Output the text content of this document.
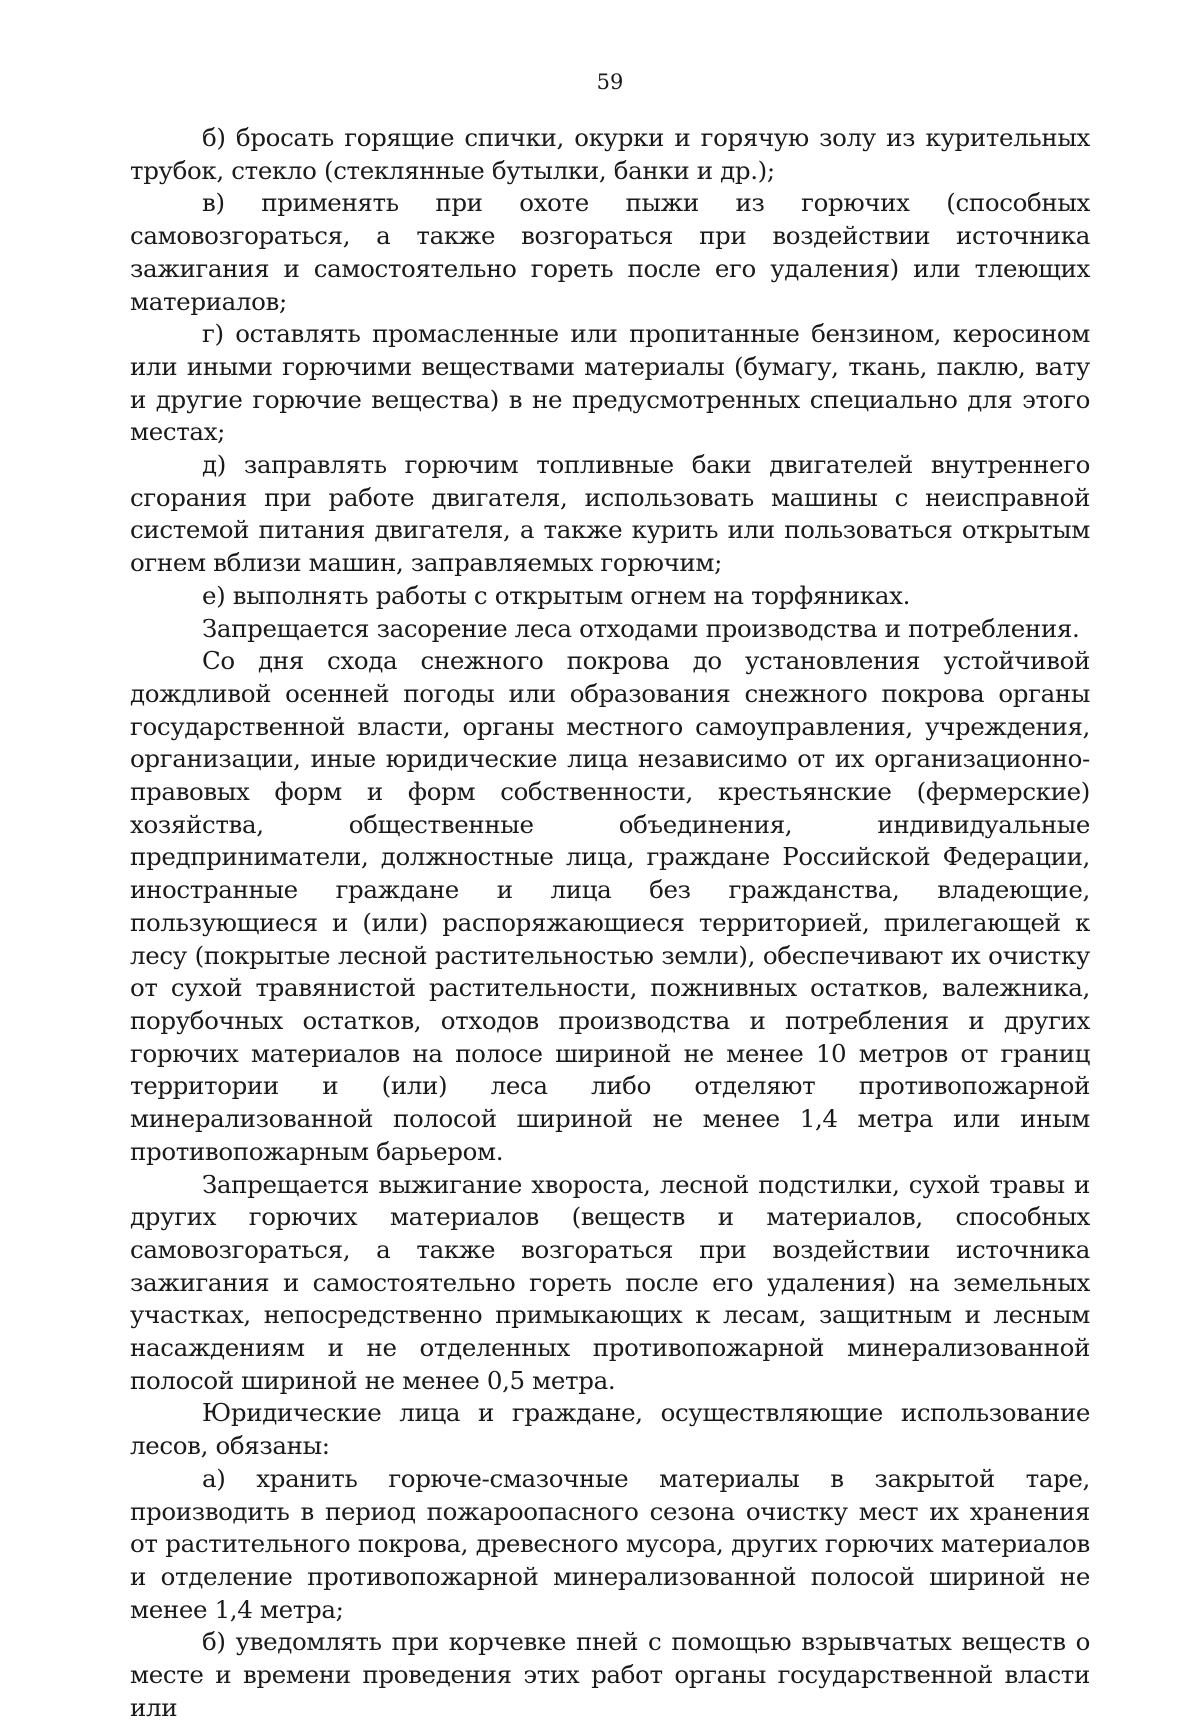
59

б) бросать горящие спички, окурки и горячую золу из курительных трубок, стекло (стеклянные бутылки, банки и др.);

в) применять при охоте пыжи из горючих (способных самовозгораться, а также возгораться при воздействии источника зажигания и самостоятельно гореть после его удаления) или тлеющих материалов;

г) оставлять промасленные или пропитанные бензином, керосином или иными горючими веществами материалы (бумагу, ткань, паклю, вату и другие горючие вещества) в не предусмотренных специально для этого местах;

д) заправлять горючим топливные баки двигателей внутреннего сгорания при работе двигателя, использовать машины с неисправной системой питания двигателя, а также курить или пользоваться открытым огнем вблизи машин, заправляемых горючим;

е) выполнять работы с открытым огнем на торфяниках.

Запрещается засорение леса отходами производства и потребления.

Со дня схода снежного покрова до установления устойчивой дождливой осенней погоды или образования снежного покрова органы государственной власти, органы местного самоуправления, учреждения, организации, иные юридические лица независимо от их организационно-правовых форм и форм собственности, крестьянские (фермерские) хозяйства, общественные объединения, индивидуальные предприниматели, должностные лица, граждане Российской Федерации, иностранные граждане и лица без гражданства, владеющие, пользующиеся и (или) распоряжающиеся территорией, прилегающей к лесу (покрытые лесной растительностью земли), обеспечивают их очистку от сухой травянистой растительности, пожнивных остатков, валежника, порубочных остатков, отходов производства и потребления и других горючих материалов на полосе шириной не менее 10 метров от границ территории и (или) леса либо отделяют противопожарной минерализованной полосой шириной не менее 1,4 метра или иным противопожарным барьером.

Запрещается выжигание хвороста, лесной подстилки, сухой травы и других горючих материалов (веществ и материалов, способных самовозгораться, а также возгораться при воздействии источника зажигания и самостоятельно гореть после его удаления) на земельных участках, непосредственно примыкающих к лесам, защитным и лесным насаждениям и не отделенных противопожарной минерализованной полосой шириной не менее 0,5 метра.

Юридические лица и граждане, осуществляющие использование лесов, обязаны:

а) хранить горюче-смазочные материалы в закрытой таре, производить в период пожароопасного сезона очистку мест их хранения от растительного покрова, древесного мусора, других горючих материалов и отделение противопожарной минерализованной полосой шириной не менее 1,4 метра;

б) уведомлять при корчевке пней с помощью взрывчатых веществ о месте и времени проведения этих работ органы государственной власти или
